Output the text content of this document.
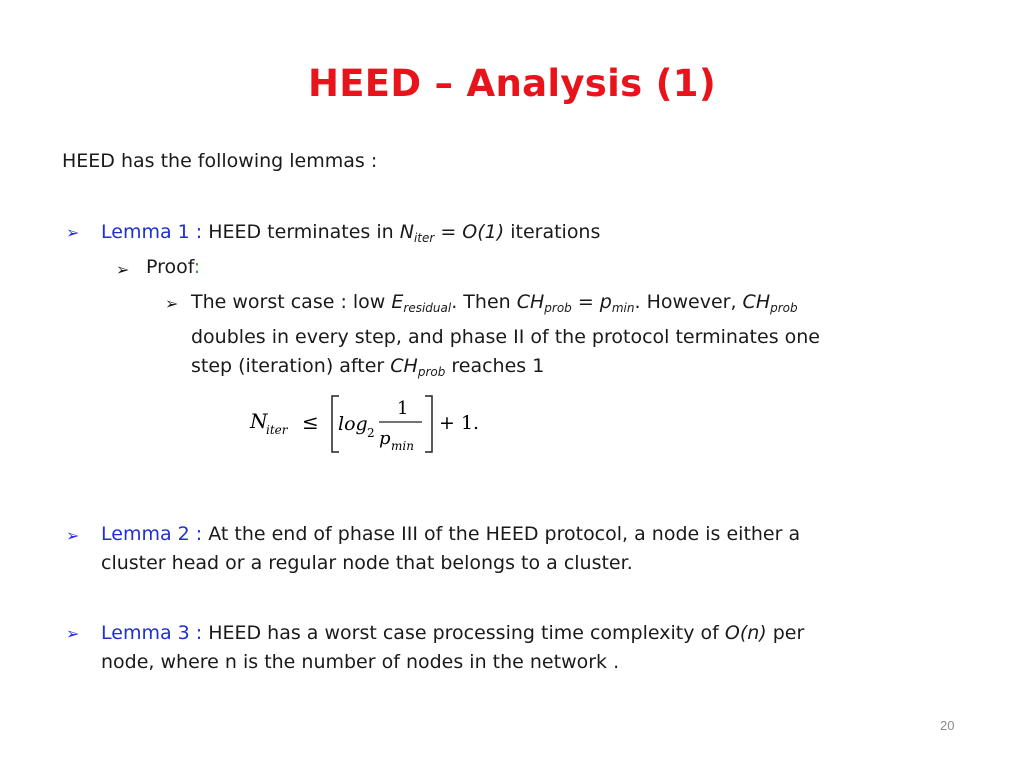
HEED – Analysis (1)
HEED has the following lemmas :
➢ Lemma 1 : HEED terminates in $N_{iter} = O(1)$ iterations
➢ Proof:
➢ The worst case : low $E_{residual}$. Then $CH_{prob} = p_{min}$. However, $CH_{prob}$
doubles in every step, and phase II of the protocol terminates one
step (iteration) after $CH_{prob}$ reaches 1
N
iter ≤ log 2
1
p min
+ 1.
➢ Lemma 2 : At the end of phase III of the HEED protocol, a node is either a
cluster head or a regular node that belongs to a cluster.
➢ Lemma 3 : HEED has a worst case processing time complexity of O(n) per
node, where n is the number of nodes in the network .
20
